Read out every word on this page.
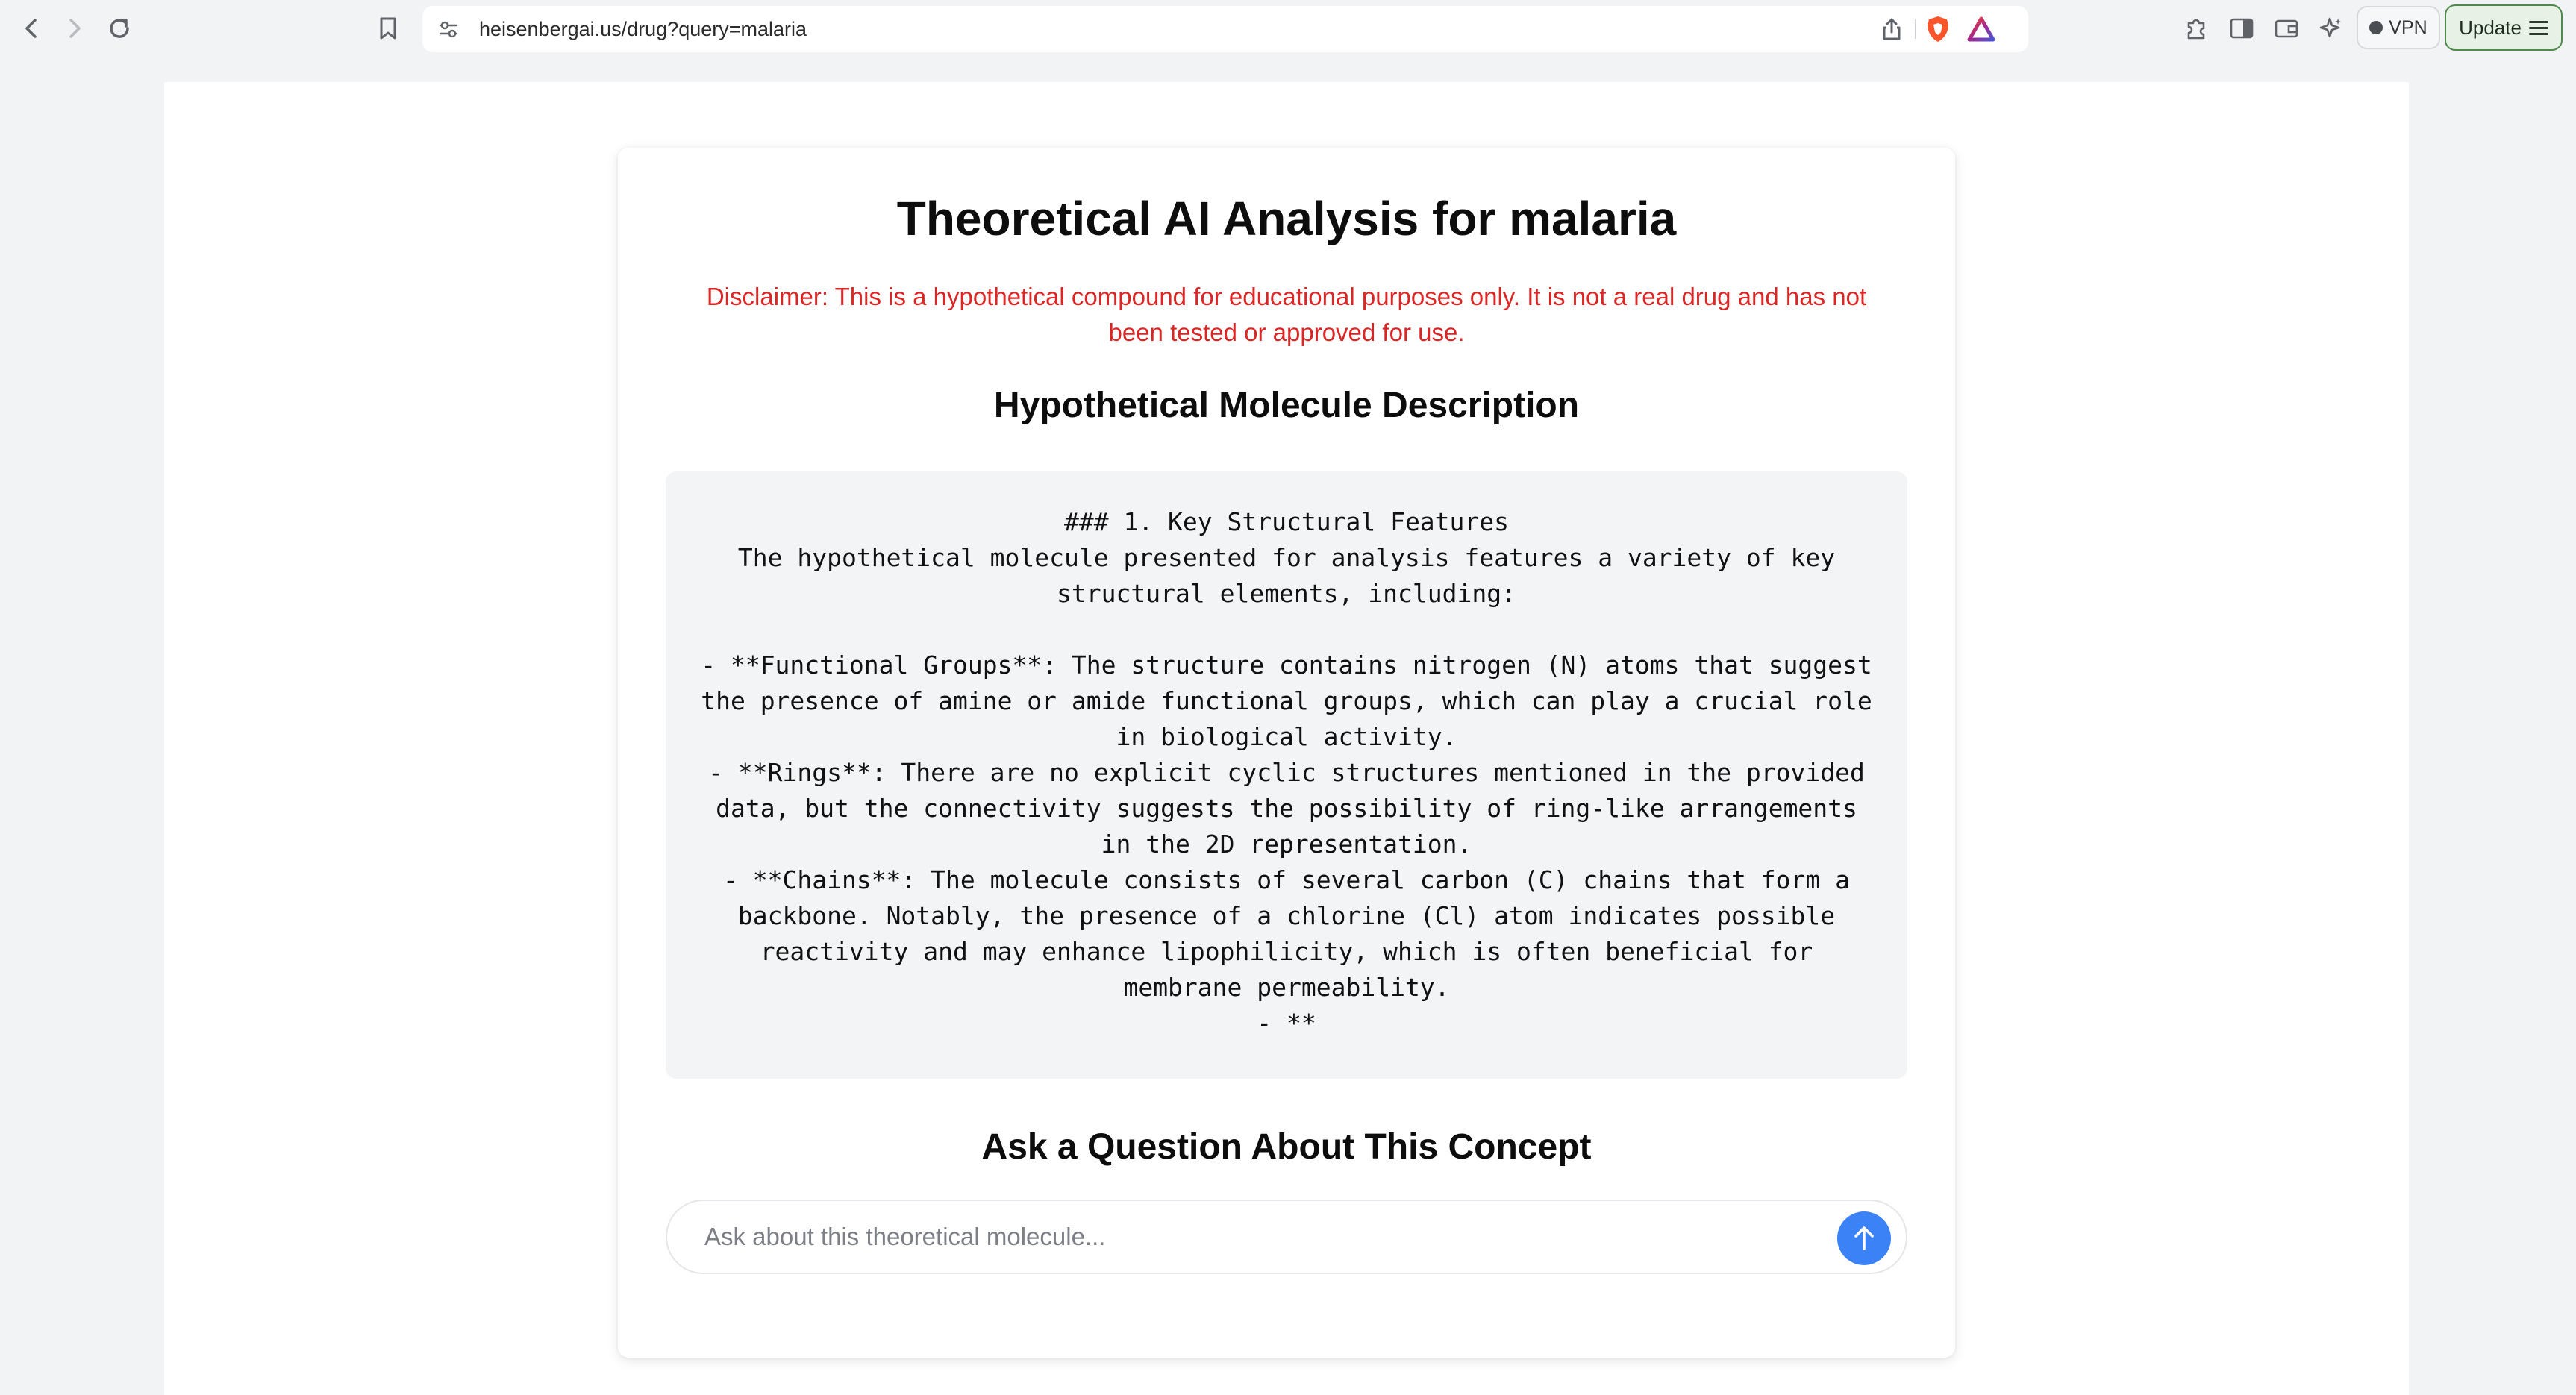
heisenbergai.us/drug?query=malaria	VPN Update
Theoretical AI Analysis for malaria
Disclaimer: This is a hypothetical compound for educational purposes only. It is not a real drug and has not been tested or approved for use.
Hypothetical Molecule Description
### 1. Key Structural Features
The hypothetical molecule presented for analysis features a variety of key structural elements, including:

- **Functional Groups**: The structure contains nitrogen (N) atoms that suggest the presence of amine or amide functional groups, which can play a crucial role in biological activity.
- **Rings**: There are no explicit cyclic structures mentioned in the provided data, but the connectivity suggests the possibility of ring-like arrangements in the 2D representation.
- **Chains**: The molecule consists of several carbon (C) chains that form a backbone. Notably, the presence of a chlorine (Cl) atom indicates possible reactivity and may enhance lipophilicity, which is often beneficial for membrane permeability.
- **
Ask a Question About This Concept
Ask about this theoretical molecule...
